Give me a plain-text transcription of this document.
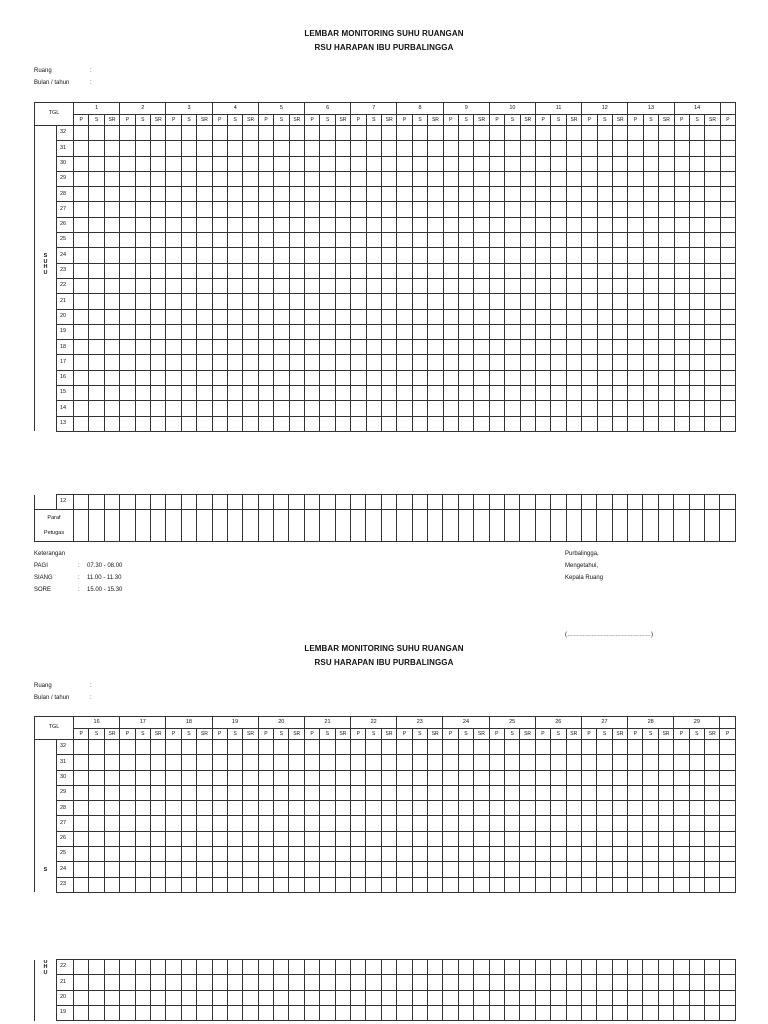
LEMBAR MONITORING SUHU RUANGAN
RSU HARAPAN IBU PURBALINGGA
Ruang	:
Bulan / tahun	:
TGL		1			2			3			4			5			6			7			8			9			10			11			12			13			14			
		P	S	SR	P	S	SR	P	S	SR	P	S	SR	P	S	SR	P	S	SR	P	S	SR	P	S	SR	P	S	SR	P	S	SR	P	S	SR	P	S	SR	P	S	SR	P	S	SR	P

S
U
H
U	32																																											
	31																																											
	30																																											
	29																																											
	28																																											
	27																																											
	26																																											
	25																																											
	24																																											
	23																																											
	22																																											
	21																																											
	20																																											
	19																																											
	18																																											
	17																																											
	16																																											
	15																																											
	14																																											
	13																																											
	12																																											

Paraf
Petugas																																												

Keterangan
PAGI	: 07.30 - 08.00
SIANG	: 11.00 - 11.30
SORE	: 15.00 - 15.30
Purbalingga,
Mengetahui,
Kepala Ruang
(……………………………………)
LEMBAR MONITORING SUHU RUANGAN
RSU HARAPAN IBU PURBALINGGA
Ruang	:
Bulan / tahun	:
TGL		16			17			18			19			20			21			22			23			24			25			26			27			28			29			
		P	S	SR	P	S	SR	P	S	SR	P	S	SR	P	S	SR	P	S	SR	P	S	SR	P	S	SR	P	S	SR	P	S	SR	P	S	SR	P	S	SR	P	S	SR	P	S	SR	P

S	32																																											
	31																																											
	30																																											
	29																																											
	28																																											
	27																																											
	26																																											
	25																																											
	24																																											
	23																																											
U
H
U	22																																											
	21																																											
	20																																											
	19																																											
